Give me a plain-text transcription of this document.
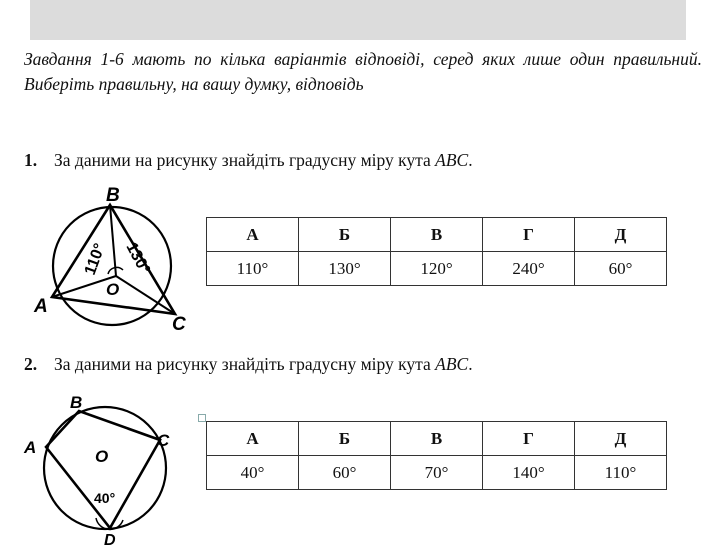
Завдання 1-6 мають по кілька варіантів відповіді, серед яких лише один правильний. Виберіть правильну, на вашу думку, відповідь
1. За даними на рисунку знайдіть градусну міру кута ABC.
B
A
C
O
110° 130°
А	Б	В	Г	Д
110°	130°	120°	240°	60°
2. За даними на рисунку знайдіть градусну міру кута ABC.
B
A	C
D
O
40°
А	Б	В	Г	Д
40°	60°	70°	140°	110°
